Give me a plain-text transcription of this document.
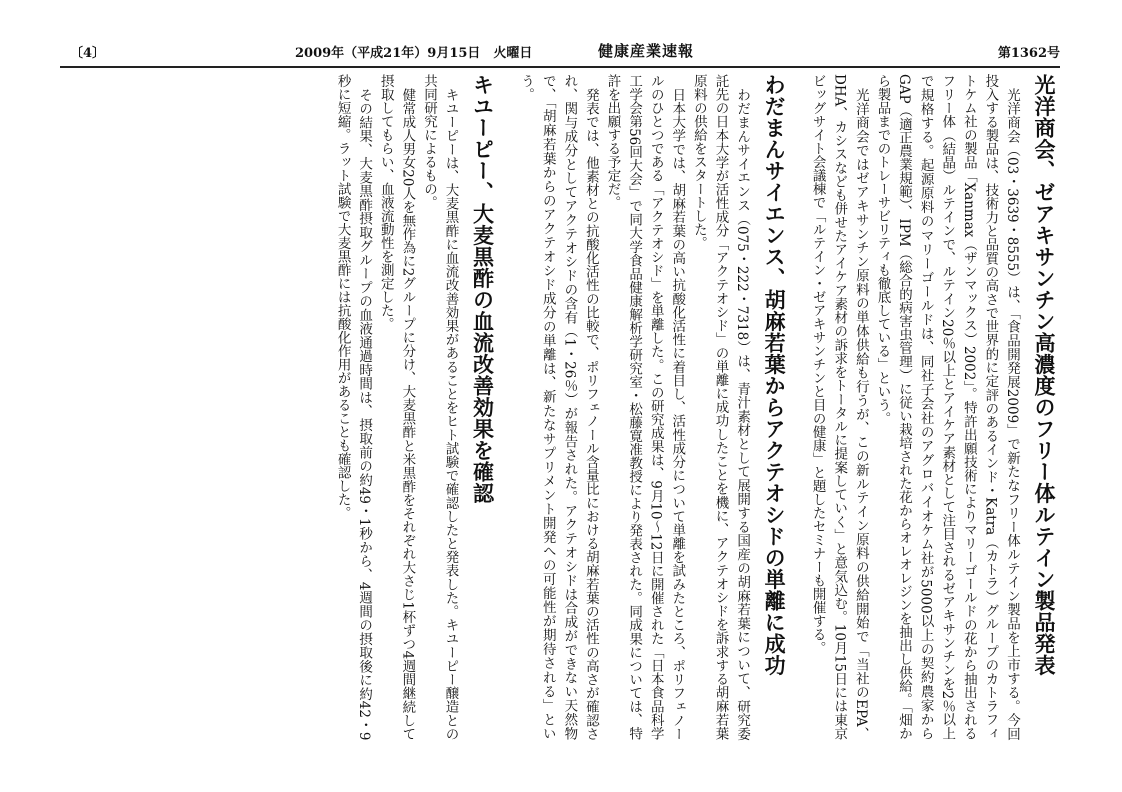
〔4〕	2009年（平成21年）9月15日　火曜日	健康産業速報	第1362号
光洋商会、ゼアキサンチン高濃度のフリー体ルテイン製品発表

光洋商会（03・3639・8555）は、「食品開発展2009」で新たなフリー体ルテイン製品を上市する。今回投入する製品は、技術力と品質の高さで世界的に定評のあるインド・Katra（カトラ）グループのカトラフィトケム社の製品「Xanmax（ザンマックス）2002」。特許出願技術によりマリーゴールドの花から抽出されるフリー体（結晶）ルテインで、ルテイン20％以上とアイケア素材として注目されるゼアキサンチンを2％以上で規格する。起源原料のマリーゴールドは、同社子会社のアグロバイオケム社が5000以上の契約農家からGAP（適正農業規範）、IPM（総合的病害虫管理）に従い栽培された花からオレオレジンを抽出し供給。「畑から製品までのトレーサビリティも徹底している」という。

光洋商会ではゼアキサンチン原料の単体供給も行うが、この新ルテイン原料の供給開始で「当社のEPA、DHA、カシスなども併せたアイケア素材の訴求をトータルに提案していく」と意気込む。10月15日には東京ビッグサイト会議棟で「ルテイン・ゼアキサンチンと目の健康」と題したセミナーも開催する。

わだまんサイエンス、胡麻若葉からアクテオシドの単離に成功

わだまんサイエンス（075・222・7318）は、青汁素材として展開する国産の胡麻若葉について、研究委託先の日本大学が活性成分「アクテオシド」の単離に成功したことを機に、アクテオシドを訴求する胡麻若葉原料の供給をスタートした。

日本大学では、胡麻若葉の高い抗酸化活性に着目し、活性成分について単離を試みたところ、ポリフェノールのひとつである「アクテオシド」を単離した。この研究成果は、9月10〜12日に開催された「日本食品科学工学会第56回大会」で同大学食品健康解析学研究室・松藤寛准教授により発表された。同成果については、特許を出願する予定だ。

発表では、他素材との抗酸化活性の比較で、ポリフェノール含量比における胡麻若葉の活性の高さが確認され、関与成分としてアクテオシドの含有（1・26％）が報告された。アクテオシドは合成ができない天然物で、「胡麻若葉からのアクテオシド成分の単離は、新たなサプリメント開発への可能性が期待される」という。

キユーピー、大麦黒酢の血流改善効果を確認

キユーピーは、大麦黒酢に血流改善効果があることをヒト試験で確認したと発表した。キユーピー醸造との共同研究によるもの。

健常成人男女20人を無作為に2グループに分け、大麦黒酢と米黒酢をそれぞれ大さじ1杯ずつ4週間継続して摂取してもらい、血液流動性を測定した。

その結果、大麦黒酢摂取グループの血液通過時間は、摂取前の約49・1秒から、4週間の摂取後に約42・9秒に短縮。ラット試験で大麦黒酢には抗酸化作用があることも確認した。
